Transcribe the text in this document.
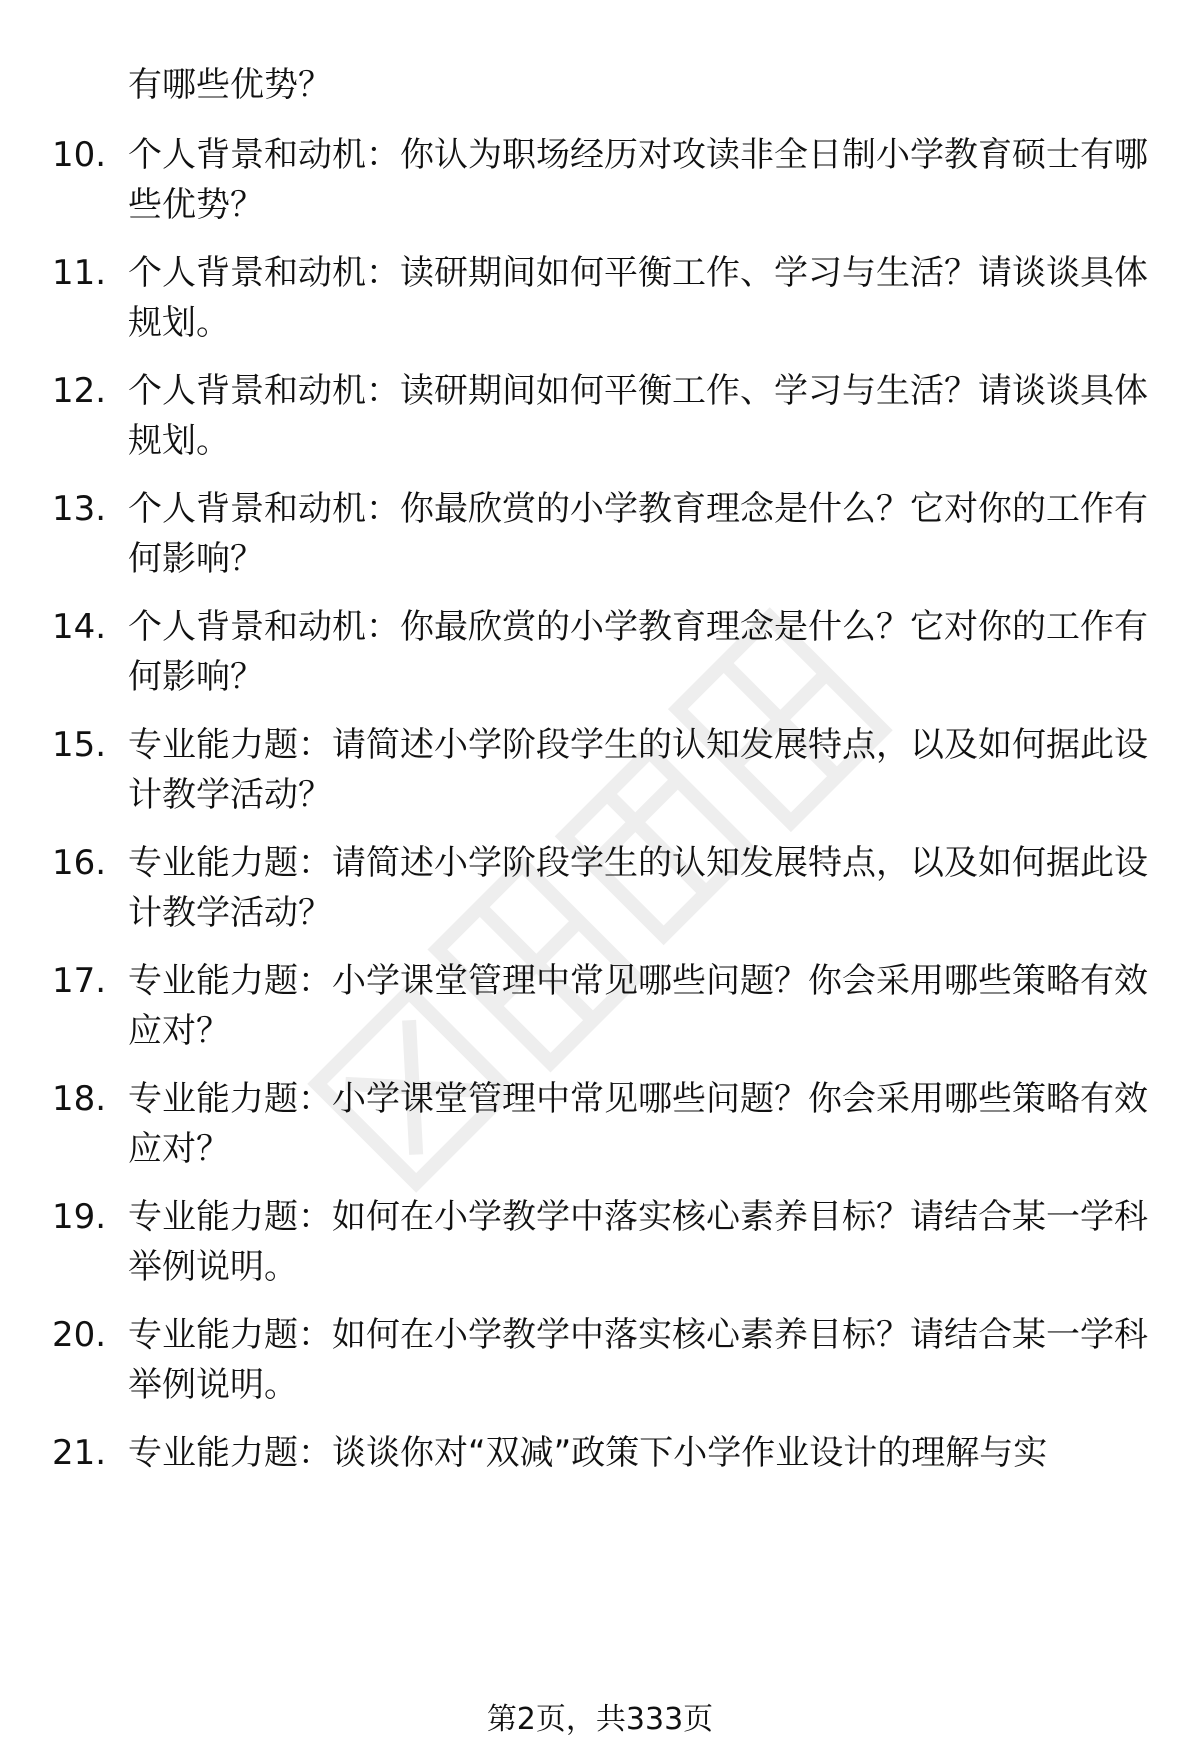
有哪些优势？
10. 个人背景和动机：你认为职场经历对攻读非全日制小学教育硕士有哪些优势？
11. 个人背景和动机：读研期间如何平衡工作、学习与生活？请谈谈具体规划。
12. 个人背景和动机：读研期间如何平衡工作、学习与生活？请谈谈具体规划。
13. 个人背景和动机：你最欣赏的小学教育理念是什么？它对你的工作有何影响？
14. 个人背景和动机：你最欣赏的小学教育理念是什么？它对你的工作有何影响？
15. 专业能力题：请简述小学阶段学生的认知发展特点，以及如何据此设计教学活动？
16. 专业能力题：请简述小学阶段学生的认知发展特点，以及如何据此设计教学活动？
17. 专业能力题：小学课堂管理中常见哪些问题？你会采用哪些策略有效应对？
18. 专业能力题：小学课堂管理中常见哪些问题？你会采用哪些策略有效应对？
19. 专业能力题：如何在小学教学中落实核心素养目标？请结合某一学科举例说明。
20. 专业能力题：如何在小学教学中落实核心素养目标？请结合某一学科举例说明。
21. 专业能力题：谈谈你对“双减”政策下小学作业设计的理解与实
第2页，共333页
